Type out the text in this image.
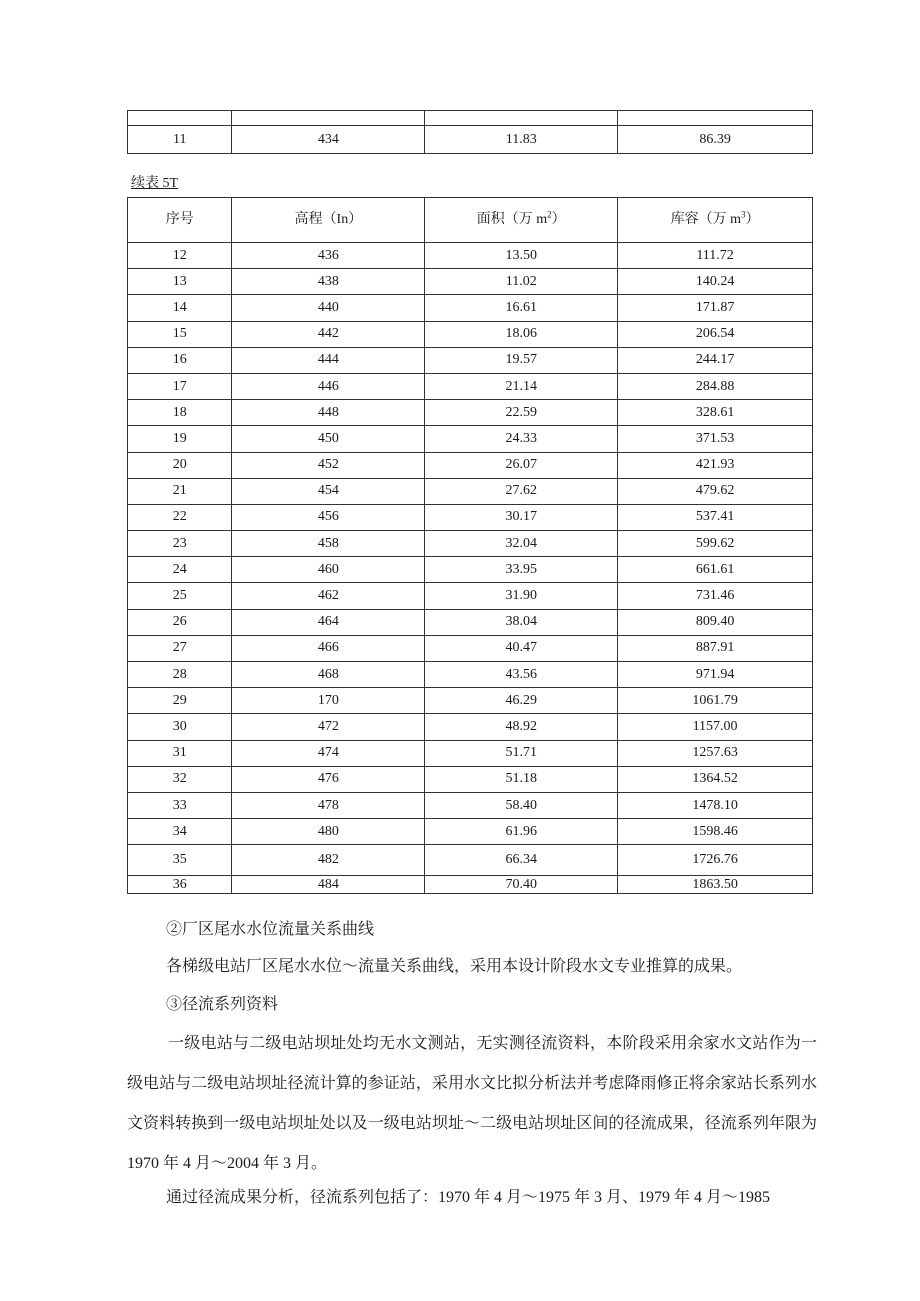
11	434	11.83	86.39
续表 5T
序号	高程（In）	面积（万 $m^2$）	库容（万 $m^3$）
12	436	13.50	111.72
13	438	11.02	140.24
14	440	16.61	171.87
15	442	18.06	206.54
16	444	19.57	244.17
17	446	21.14	284.88
18	448	22.59	328.61
19	450	24.33	371.53
20	452	26.07	421.93
21	454	27.62	479.62
22	456	30.17	537.41
23	458	32.04	599.62
24	460	33.95	661.61
25	462	31.90	731.46
26	464	38.04	809.40
27	466	40.47	887.91
28	468	43.56	971.94
29	170	46.29	1061.79
30	472	48.92	1157.00
31	474	51.71	1257.63
32	476	51.18	1364.52
33	478	58.40	1478.10
34	480	61.96	1598.46
35	482	66.34	1726.76
36	484	70.40	1863.50
②厂区尾水水位流量关系曲线
各梯级电站厂区尾水水位～流量关系曲线，采用本设计阶段水文专业推算的成果。
③径流系列资料
一级电站与二级电站坝址处均无水文测站，无实测径流资料，本阶段采用余家水文站作为一级电站与二级电站坝址径流计算的参证站，采用水文比拟分析法并考虑降雨修正将余家站长系列水文资料转换到一级电站坝址处以及一级电站坝址～二级电站坝址区间的径流成果，径流系列年限为 1970 年 4 月～2004 年 3 月。
通过径流成果分析，径流系列包括了：1970 年 4 月～1975 年 3 月、1979 年 4 月～1985
